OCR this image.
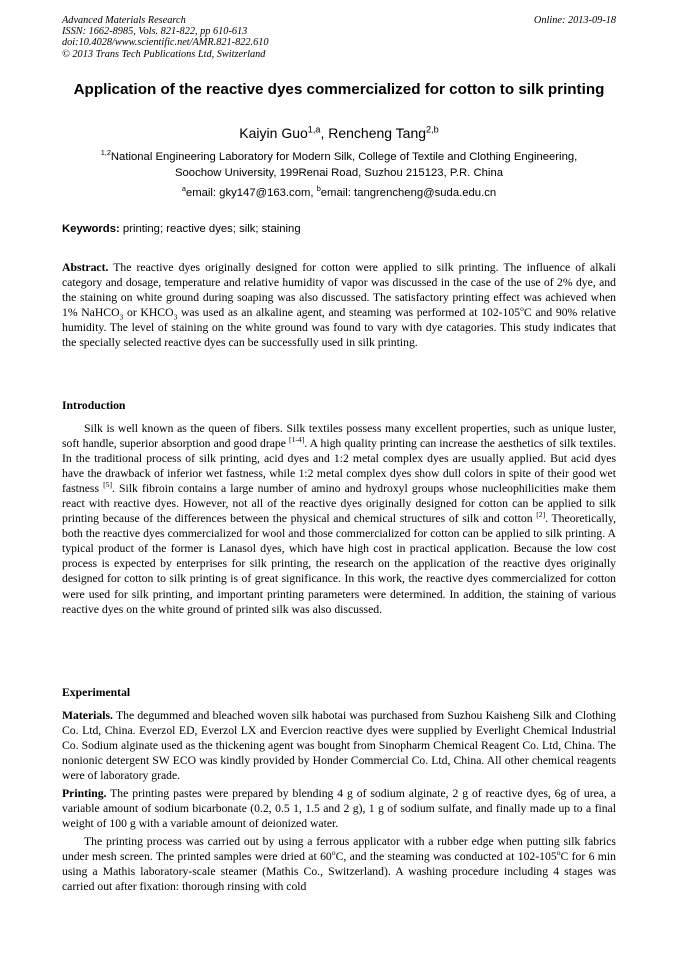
Advanced Materials Research
ISSN: 1662-8985, Vols. 821-822, pp 610-613
doi:10.4028/www.scientific.net/AMR.821-822.610
© 2013 Trans Tech Publications Ltd, Switzerland
Online: 2013-09-18
Application of the reactive dyes commercialized for cotton to silk printing
Kaiyin Guo$^{1,a}$, Rencheng Tang$^{2,b}$
$^{1,2}$National Engineering Laboratory for Modern Silk, College of Textile and Clothing Engineering,
Soochow University, 199Renai Road, Suzhou 215123, P.R. China
$^a$email: gky147@163.com, $^b$email: tangrencheng@suda.edu.cn
Keywords: printing; reactive dyes; silk; staining

Abstract. The reactive dyes originally designed for cotton were applied to silk printing. The influence of alkali category and dosage, temperature and relative humidity of vapor was discussed in the case of the use of 2% dye, and the staining on white ground during soaping was also discussed. The satisfactory printing effect was achieved when 1% NaHCO$_3$ or $KHCO_3$ was used as an alkaline agent, and steaming was performed at 102-105$^o$C and 90% relative humidity. The level of staining on the white ground was found to vary with dye catagories. This study indicates that the specially selected reactive dyes can be successfully used in silk printing.

Introduction

Silk is well known as the queen of fibers. Silk textiles possess many excellent properties, such as unique luster, soft handle, superior absorption and good drape [1-4]. A high quality printing can increase the aesthetics of silk textiles. In the traditional process of silk printing, acid dyes and 1:2 metal complex dyes are usually applied. But acid dyes have the drawback of inferior wet fastness, while 1:2 metal complex dyes show dull colors in spite of their good wet fastness [5]. Silk fibroin contains a large number of amino and hydroxyl groups whose nucleophilicities make them react with reactive dyes. However, not all of the reactive dyes originally designed for cotton can be applied to silk printing because of the differences between the physical and chemical structures of silk and cotton [2]. Theoretically, both the reactive dyes commercialized for wool and those commercialized for cotton can be applied to silk printing. A typical product of the former is Lanasol dyes, which have high cost in practical application. Because the low cost process is expected by enterprises for silk printing, the research on the application of the reactive dyes originally designed for cotton to silk printing is of great significance. In this work, the reactive dyes commercialized for cotton were used for silk printing, and important printing parameters were determined. In addition, the staining of various reactive dyes on the white ground of printed silk was also discussed.

Experimental

Materials. The degummed and bleached woven silk habotai was purchased from Suzhou Kaisheng Silk and Clothing Co. Ltd, China. Everzol ED, Everzol LX and Evercion reactive dyes were supplied by Everlight Chemical Industrial Co. Sodium alginate used as the thickening agent was bought from Sinopharm Chemical Reagent Co. Ltd, China. The nonionic detergent SW ECO was kindly provided by Honder Commercial Co. Ltd, China. All other chemical reagents were of laboratory grade.

Printing. The printing pastes were prepared by blending 4 g of sodium alginate, 2 g of reactive dyes, 6g of urea, a variable amount of sodium bicarbonate (0.2, 0.5 1, 1.5 and 2 g), 1 g of sodium sulfate, and finally made up to a final weight of 100 g with a variable amount of deionized water.

The printing process was carried out by using a ferrous applicator with a rubber edge when putting silk fabrics under mesh screen. The printed samples were dried at 60$^o$C, and the steaming was conducted at 102-105$^o$C for 6 min using a Mathis laboratory-scale steamer (Mathis Co., Switzerland). A washing procedure including 4 stages was carried out after fixation: thorough rinsing with cold
